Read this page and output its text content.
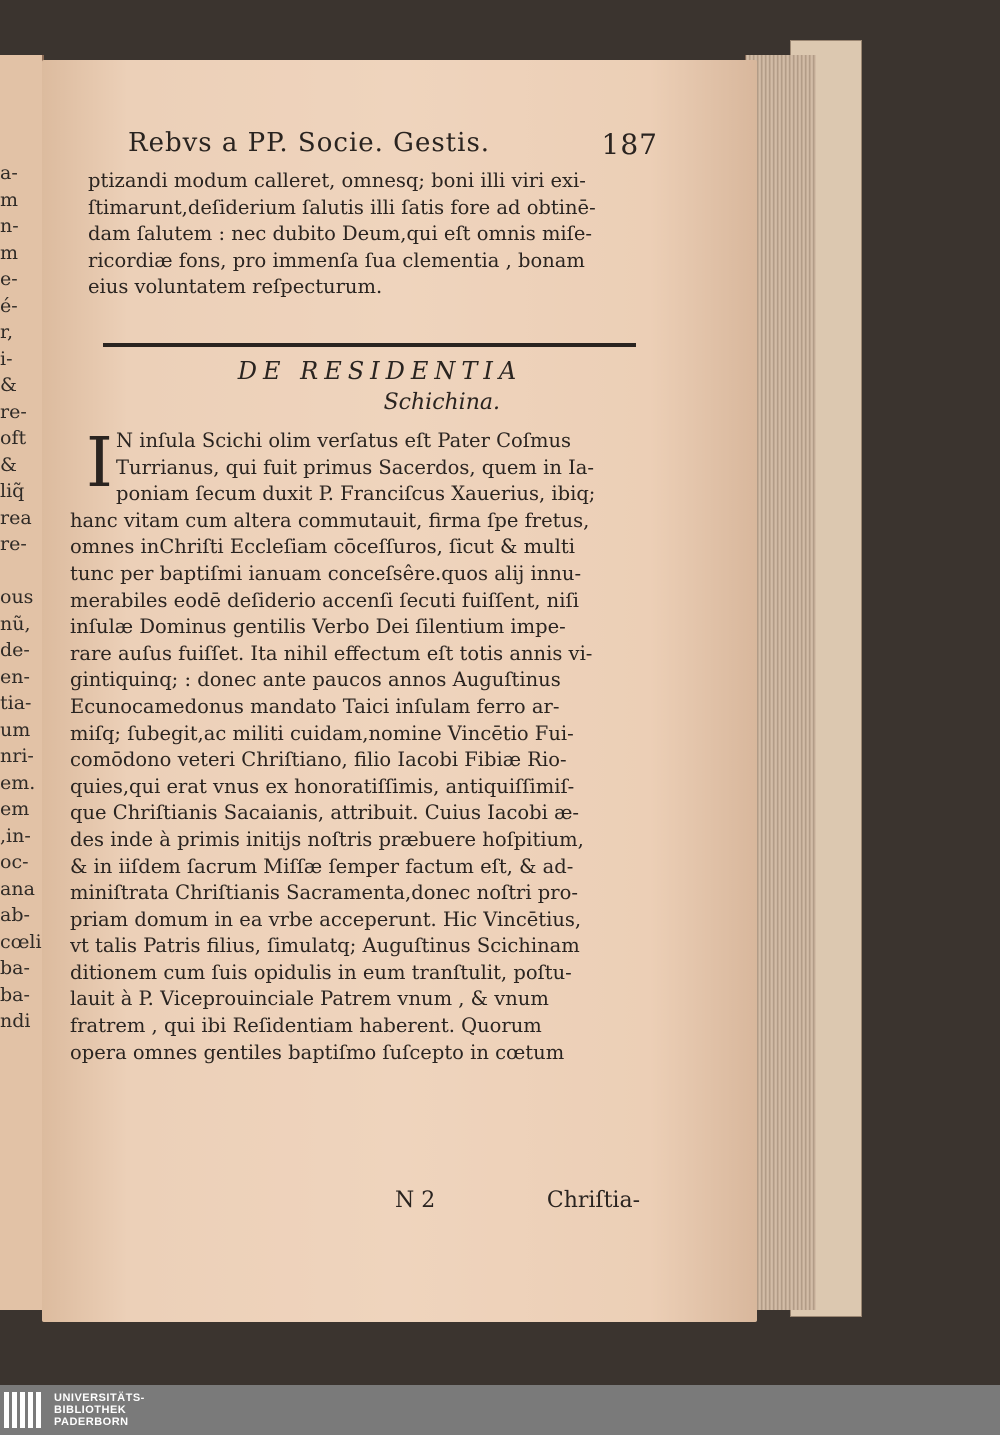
a-
m
n-
m
e-
é-
r,
i-
&
re-
oft
&
liq̃
rea
re-
ous
nũ,
de-
en-
tia-
um
nri-
em.
em
,in-
oc-
ana
ab-
cœli
ba-
ba-
ndi
Rebvs a PP. Socie. Gestis.	187
ptizandi modum calleret, omnesq; boni illi viri exi-
ſtimarunt,deſiderium ſalutis illi ſatis fore ad obtinē-
dam ſalutem : nec dubito Deum,qui eſt omnis miſe-
ricordiæ fons, pro immenſa ſua clementia , bonam
eius voluntatem reſpecturum.
DE RESIDENTIA
Schichina.
I N inſula Scichi olim verſatus eſt Pater Coſmus
Turrianus, qui fuit primus Sacerdos, quem in Ia-
poniam ſecum duxit P. Franciſcus Xauerius, ibiq;
hanc vitam cum altera commutauit, firma ſpe fretus,
omnes inChriſti Eccleſiam cōceſſuros, ſicut & multi
tunc per baptiſmi ianuam conceſsêre.quos alij innu-
merabiles eodē deſiderio accenſi ſecuti fuiſſent, niſi
inſulæ Dominus gentilis Verbo Dei ſilentium impe-
rare auſus fuiſſet. Ita nihil effectum eſt totis annis vi-
gintiquinq; : donec ante paucos annos Auguſtinus
Ecunocamedonus mandato Taici inſulam ferro ar-
miſq; ſubegit,ac militi cuidam,nomine Vincētio Fui-
comōdono veteri Chriſtiano, filio Iacobi Fibiæ Rio-
quies,qui erat vnus ex honoratiſſimis, antiquiſſimiſ-
que Chriſtianis Sacaianis, attribuit. Cuius Iacobi æ-
des inde à primis initijs noſtris præbuere hoſpitium,
& in iiſdem ſacrum Miſſæ ſemper factum eſt, & ad-
miniſtrata Chriſtianis Sacramenta,donec noſtri pro-
priam domum in ea vrbe acceperunt. Hic Vincētius,
vt talis Patris filius, ſimulatq; Auguſtinus Scichinam
ditionem cum ſuis opidulis in eum tranſtulit, poſtu-
lauit à P. Viceprouinciale Patrem vnum , & vnum
fratrem , qui ibi Reſidentiam haberent. Quorum
opera omnes gentiles baptiſmo ſuſcepto in cœtum
N 2	Chriſtia-
UNIVERSITÄTS-
BIBLIOTHEK
PADERBORN
